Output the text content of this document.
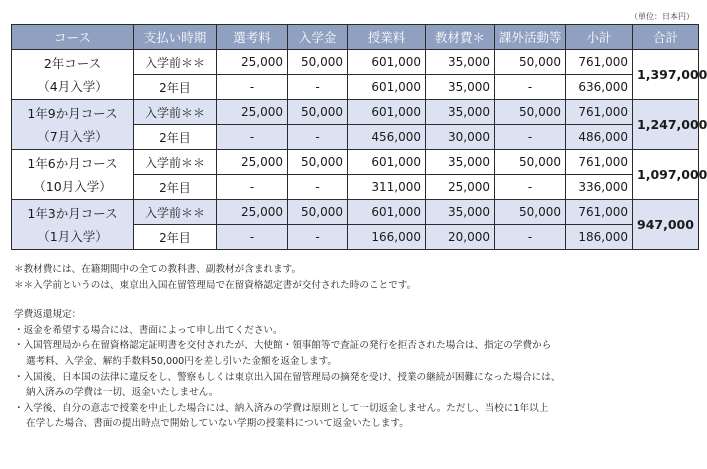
（単位：日本円）
コース	支払い時期	選考料	入学金	授業料	教材費＊	課外活動等	小計	合計
2年コース
（4月入学）	入学前＊＊	25,000	50,000	601,000	35,000	50,000	761,000	1,397,000
	2年目	-	-	601,000	35,000	-	636,000	
1年9か月コース
（7月入学）	入学前＊＊	25,000	50,000	601,000	35,000	50,000	761,000	1,247,000
	2年目	-	-	456,000	30,000	-	486,000	
1年6か月コース
（10月入学）	入学前＊＊	25,000	50,000	601,000	35,000	50,000	761,000	1,097,000
	2年目	-	-	311,000	25,000	-	336,000	
1年3か月コース
（1月入学）	入学前＊＊	25,000	50,000	601,000	35,000	50,000	761,000	947,000
	2年目	-	-	166,000	20,000	-	186,000	

＊教材費には、在籍期間中の全ての教科書、副教材が含まれます。

＊＊入学前というのは、東京出入国在留管理局で在留資格認定書が交付された時のことです。

学費返還規定：

・返金を希望する場合には、書面によって申し出てください。

・入国管理局から在留資格認定証明書を交付されたが、大使館・領事館等で査証の発行を拒否された場合は、指定の学費から

選考料、入学金、解約手数料50,000円を差し引いた金額を返金します。

・入国後、日本国の法律に違反をし、警察もしくは東京出入国在留管理局の摘発を受け、授業の継続が困難になった場合には、

納入済みの学費は一切、返金いたしません。

・入学後、自分の意志で授業を中止した場合には、納入済みの学費は原則として一切返金しません。ただし、当校に1年以上

在学した場合、書面の提出時点で開始していない学期の授業料について返金いたします。
